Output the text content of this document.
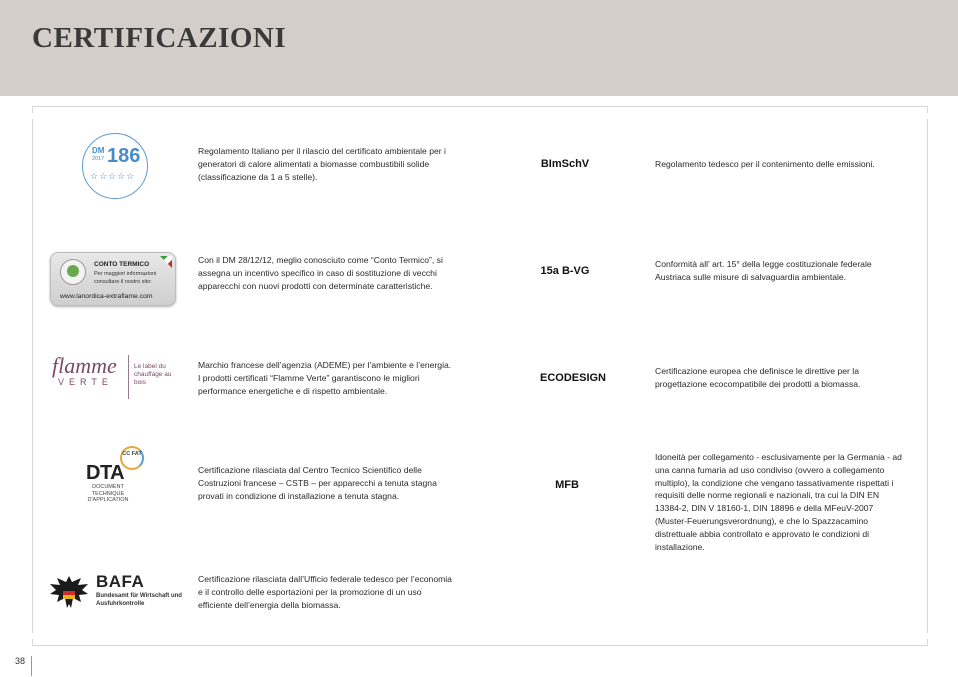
CERTIFICAZIONI
DM
2017 186
☆☆☆☆☆

Regolamento Italiano per il rilascio del certificato ambientale per i generatori di calore alimentati a biomasse combustibili solide (classificazione da 1 a 5 stelle).

CONTO TERMICO
Per maggiori informazioni consultare il nostro sito:
www.lanordica-extraflame.com

Con il DM 28/12/12, meglio conosciuto come “Conto Termico”, si assegna un incentivo specifico in caso di sostituzione di vecchi apparecchi con nuovi prodotti con determinate caratteristiche.

flamme
VERTE
Le label du chauffage au bois

Marchio francese dell’agenzia (ADEME) per l’ambiente e l’energia. I prodotti certificati “Flamme Verte” garantiscono le migliori performance energetiche e di rispetto ambientale.

CC FAT
DTA
DOCUMENT TECHNIQUE D'APPLICATION

Certificazione rilasciata dal Centro Tecnico Scientifico delle Costruzioni francese – CSTB – per apparecchi a tenuta stagna provati in condizione di installazione a tenuta stagna.

BAFA
Bundesamt für Wirtschaft und Ausfuhrkontrolle

Certificazione rilasciata dall’Ufficio federale tedesco per l’economia e il controllo delle esportazioni per la promozione di un uso efficiente dell’energia della biomassa.

BImSchV	Regolamento tedesco per il contenimento delle emissioni.

15a B-VG

Conformità all’ art. 15° della legge costituzionale federale Austriaca sulle misure di salvaguardia ambientale.

ECODESIGN

Certificazione europea che definisce le direttive per la progettazione ecocompatibile dei prodotti a biomassa.

MFB

Idoneità per collegamento - esclusivamente per la Germania - ad una canna fumaria ad uso condiviso (ovvero a collegamento multiplo), la condizione che vengano tassativamente rispettati i requisiti delle norme regionali e nazionali, tra cui la DIN EN 13384-2, DIN V 18160-1, DIN 18896 e della MFeuV-2007 (Muster-Feuerungsverordnung), e che lo Spazzacamino distrettuale abbia controllato e approvato le condizioni di installazione.

38
